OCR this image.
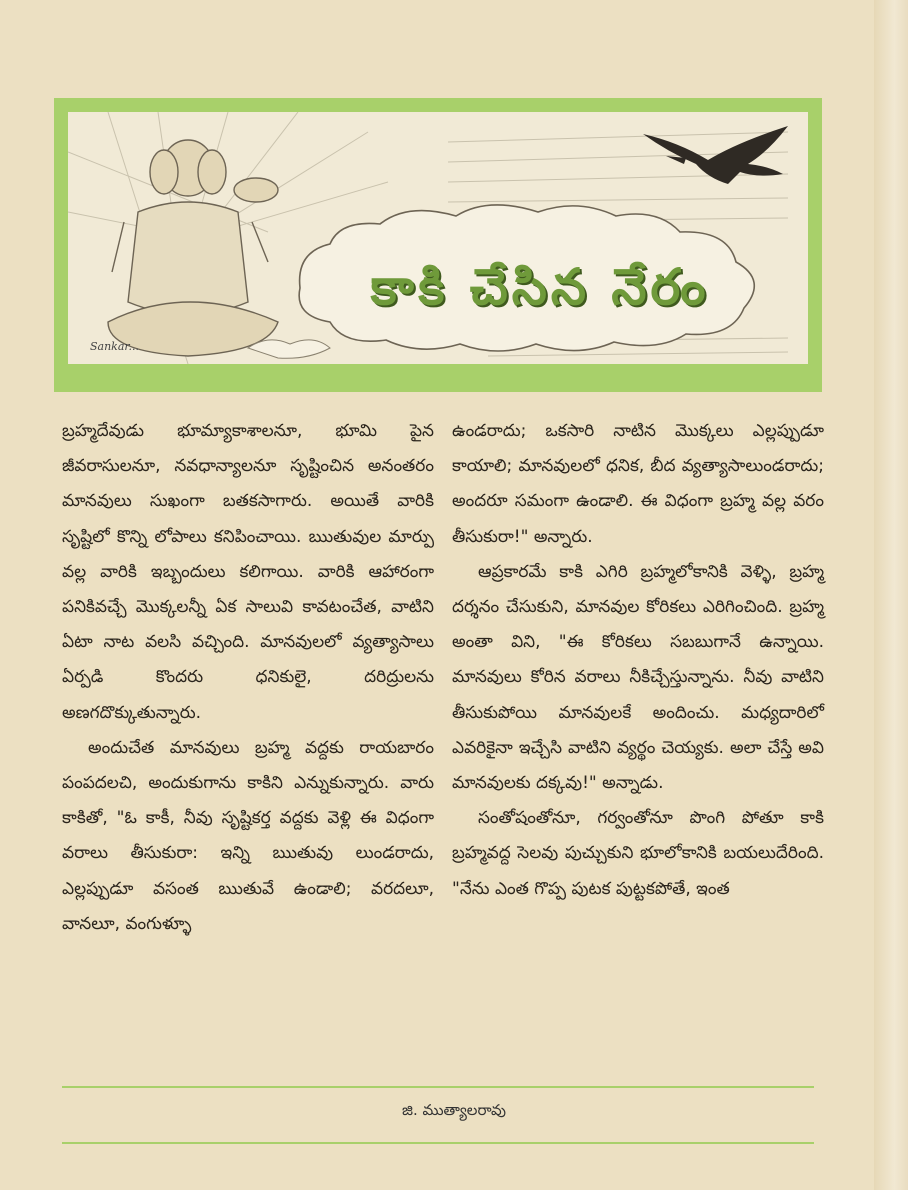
కాకి చేసిన నేరం
Sankar...

బ్రహ్మదేవుడు భూమ్యాకాశాలనూ, భూమి పైన జీవరాసులనూ, నవధాన్యాలనూ సృష్టించిన అనంతరం మానవులు సుఖంగా బతకసాగారు. అయితే వారికి సృష్టిలో కొన్ని లోపాలు కనిపించాయి. ఋతువుల మార్పు వల్ల వారికి ఇబ్బందులు కలిగాయి. వారికి ఆహారంగా పనికివచ్చే మొక్కలన్నీ ఏక సాలువి కావటంచేత, వాటిని ఏటా నాట వలసి వచ్చింది. మానవులలో వ్యత్యాసాలు ఏర్పడి కొందరు ధనికులై, దరిద్రులను అణగదొక్కుతున్నారు.

అందుచేత మానవులు బ్రహ్మ వద్దకు రాయబారం పంపదలచి, అందుకుగాను కాకిని ఎన్నుకున్నారు. వారు కాకితో, "ఓ కాకీ, నీవు సృష్టికర్త వద్దకు వెళ్లి ఈ విధంగా వరాలు తీసుకురా: ఇన్ని ఋతువు లుండరాదు, ఎల్లప్పుడూ వసంత ఋతువే ఉండాలి; వరదలూ, వానలూ, వంగుళ్ళూ

ఉండరాదు; ఒకసారి నాటిన మొక్కలు ఎల్లప్పుడూ కాయాలి; మానవులలో ధనిక, బీద వ్యత్యాసాలుండరాదు; అందరూ సమంగా ఉండాలి. ఈ విధంగా బ్రహ్మ వల్ల వరం తీసుకురా!" అన్నారు.

ఆప్రకారమే కాకి ఎగిరి బ్రహ్మలోకానికి వెళ్ళి, బ్రహ్మ దర్శనం చేసుకుని, మానవుల కోరికలు ఎరిగించింది. బ్రహ్మ అంతా విని, "ఈ కోరికలు సబబుగానే ఉన్నాయి. మానవులు కోరిన వరాలు నీకిచ్చేస్తున్నాను. నీవు వాటిని తీసుకుపోయి మానవులకే అందించు. మధ్యదారిలో ఎవరికైనా ఇచ్చేసి వాటిని వ్యర్థం చెయ్యకు. అలా చేస్తే అవి మానవులకు దక్కవు!" అన్నాడు.

సంతోషంతోనూ, గర్వంతోనూ పొంగి పోతూ కాకి బ్రహ్మవద్ద సెలవు పుచ్చుకుని భూలోకానికి బయలుదేరింది. "నేను ఎంత గొప్ప పుటక పుట్టకపోతే, ఇంత

జి. ముత్యాలరావు
